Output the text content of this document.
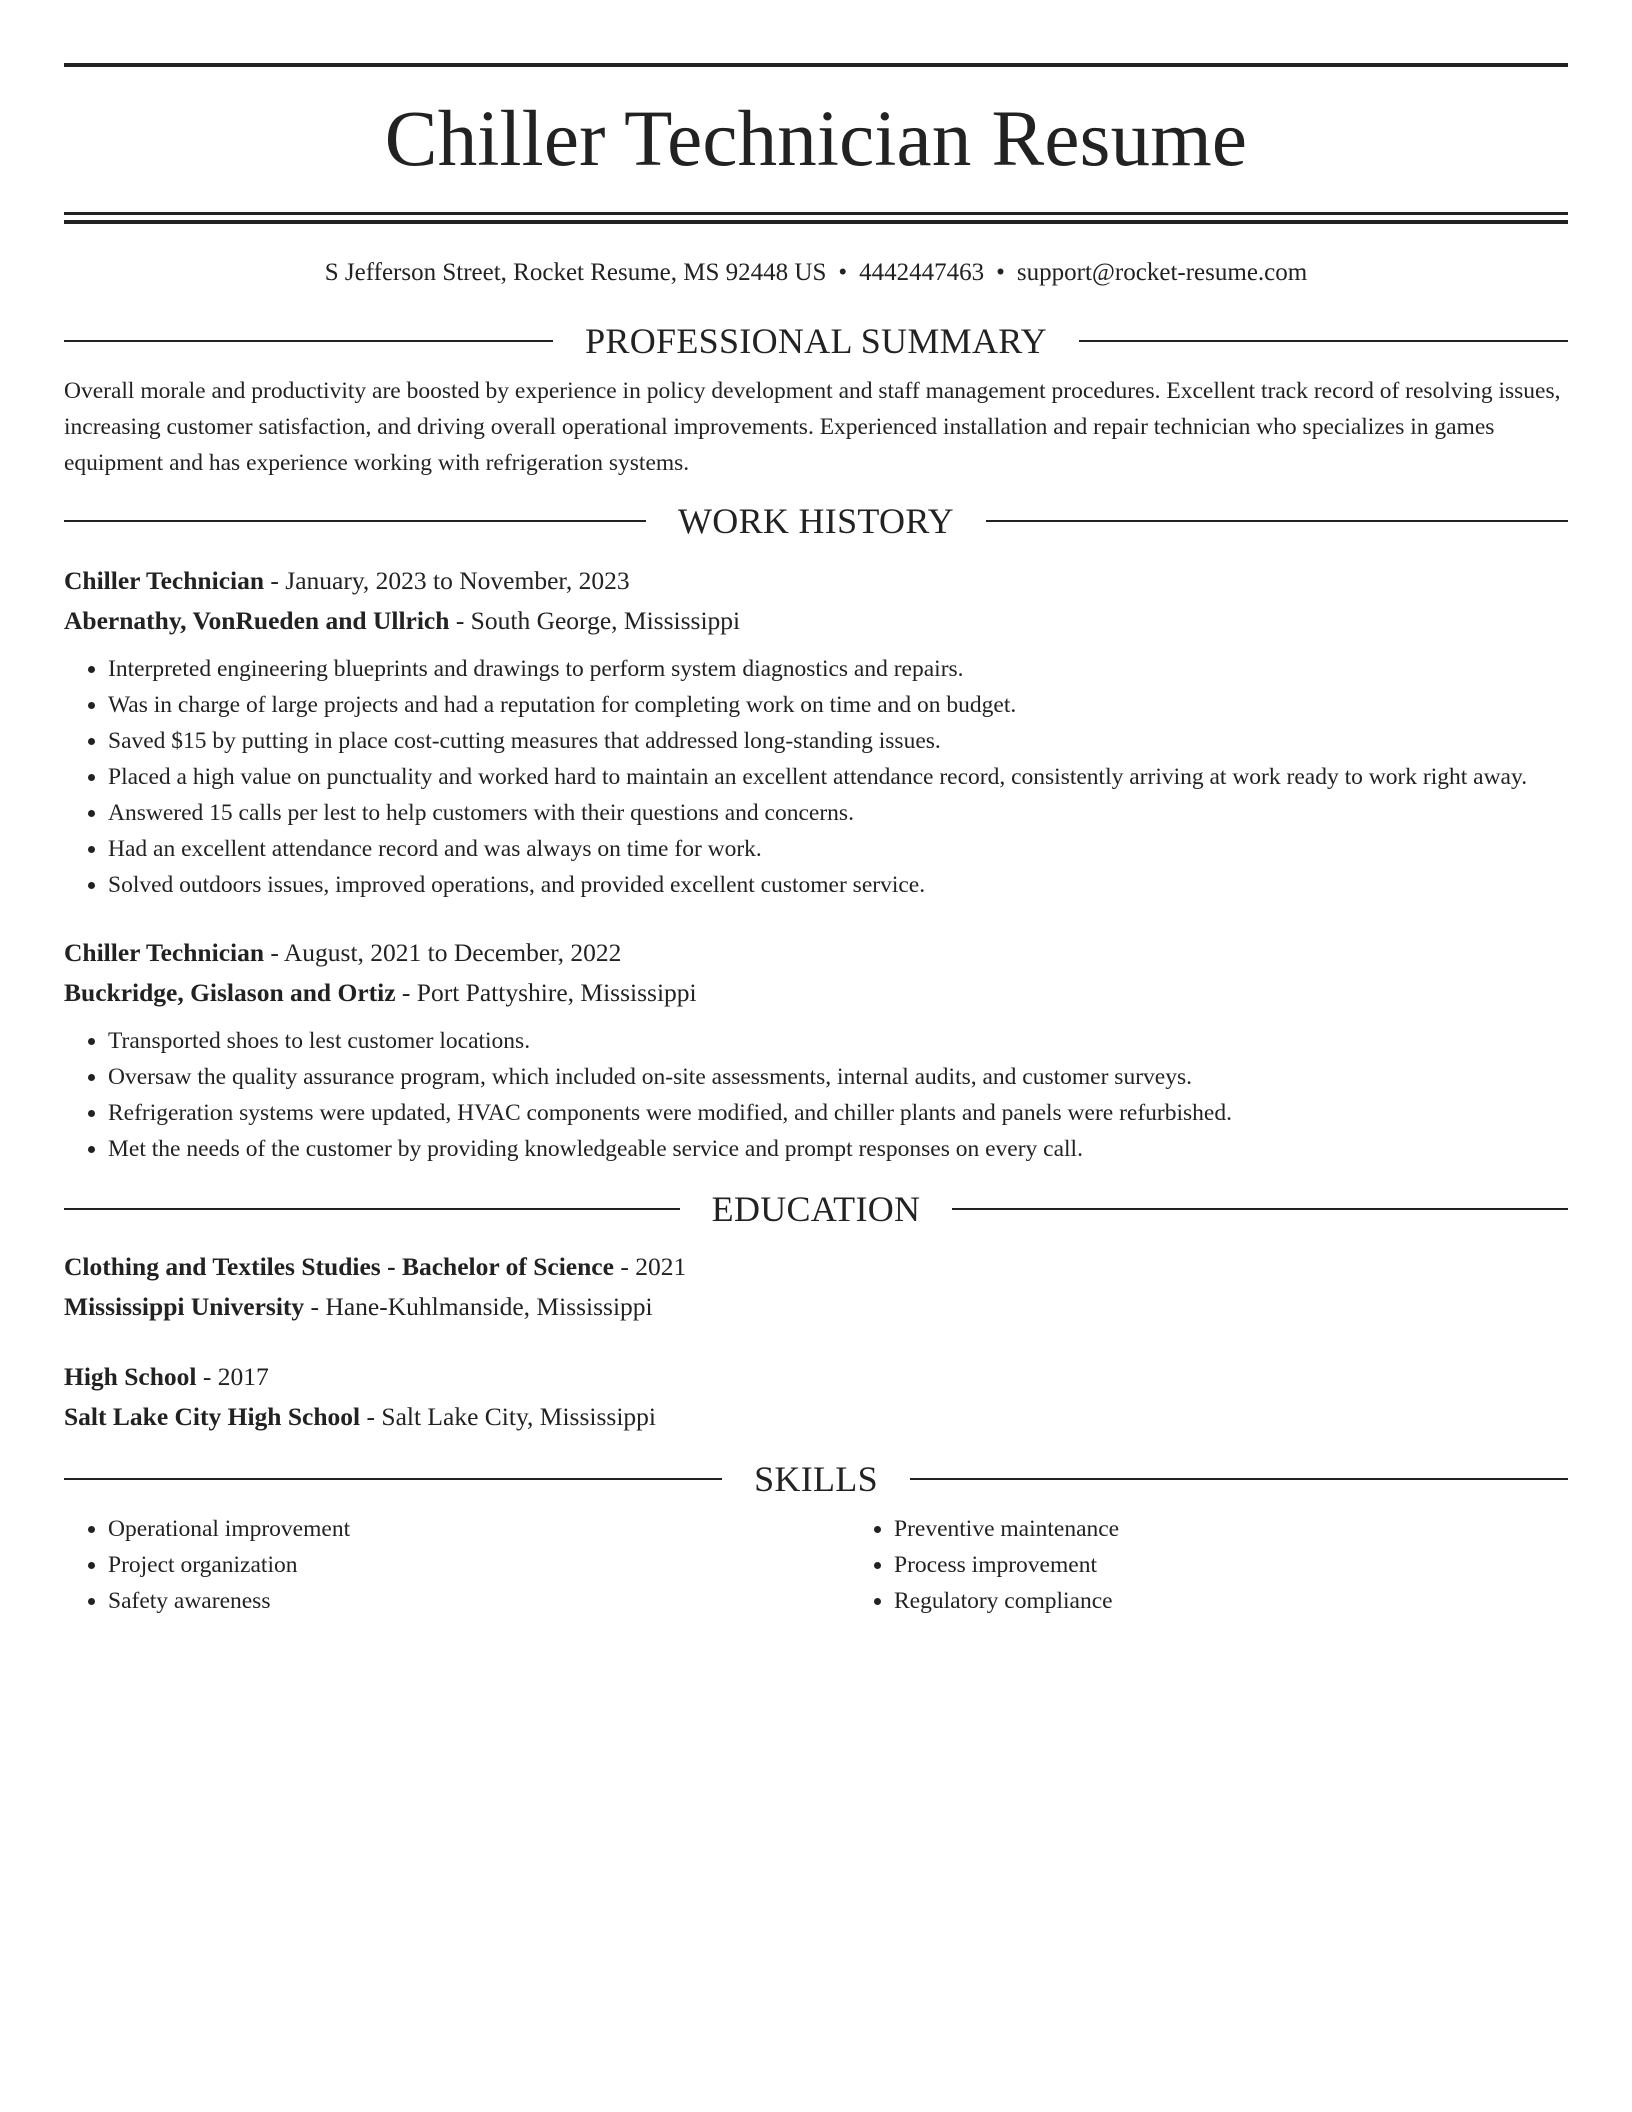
Chiller Technician Resume
S Jefferson Street, Rocket Resume, MS 92448 US • 4442447463 • support@rocket-resume.com
PROFESSIONAL SUMMARY
Overall morale and productivity are boosted by experience in policy development and staff management procedures. Excellent track record of resolving issues, increasing customer satisfaction, and driving overall operational improvements. Experienced installation and repair technician who specializes in games equipment and has experience working with refrigeration systems.
WORK HISTORY
Chiller Technician - January, 2023 to November, 2023
Abernathy, VonRueden and Ullrich - South George, Mississippi
• Interpreted engineering blueprints and drawings to perform system diagnostics and repairs.
• Was in charge of large projects and had a reputation for completing work on time and on budget.
• Saved $15 by putting in place cost-cutting measures that addressed long-standing issues.
• Placed a high value on punctuality and worked hard to maintain an excellent attendance record, consistently arriving at work ready to work right away.
• Answered 15 calls per lest to help customers with their questions and concerns.
• Had an excellent attendance record and was always on time for work.
• Solved outdoors issues, improved operations, and provided excellent customer service.
Chiller Technician - August, 2021 to December, 2022
Buckridge, Gislason and Ortiz - Port Pattyshire, Mississippi
• Transported shoes to lest customer locations.
• Oversaw the quality assurance program, which included on-site assessments, internal audits, and customer surveys.
• Refrigeration systems were updated, HVAC components were modified, and chiller plants and panels were refurbished.
• Met the needs of the customer by providing knowledgeable service and prompt responses on every call.
EDUCATION
Clothing and Textiles Studies - Bachelor of Science - 2021
Mississippi University - Hane-Kuhlmanside, Mississippi
High School - 2017
Salt Lake City High School - Salt Lake City, Mississippi
SKILLS
• Operational improvement
• Project organization
• Safety awareness
• Preventive maintenance
• Process improvement
• Regulatory compliance
